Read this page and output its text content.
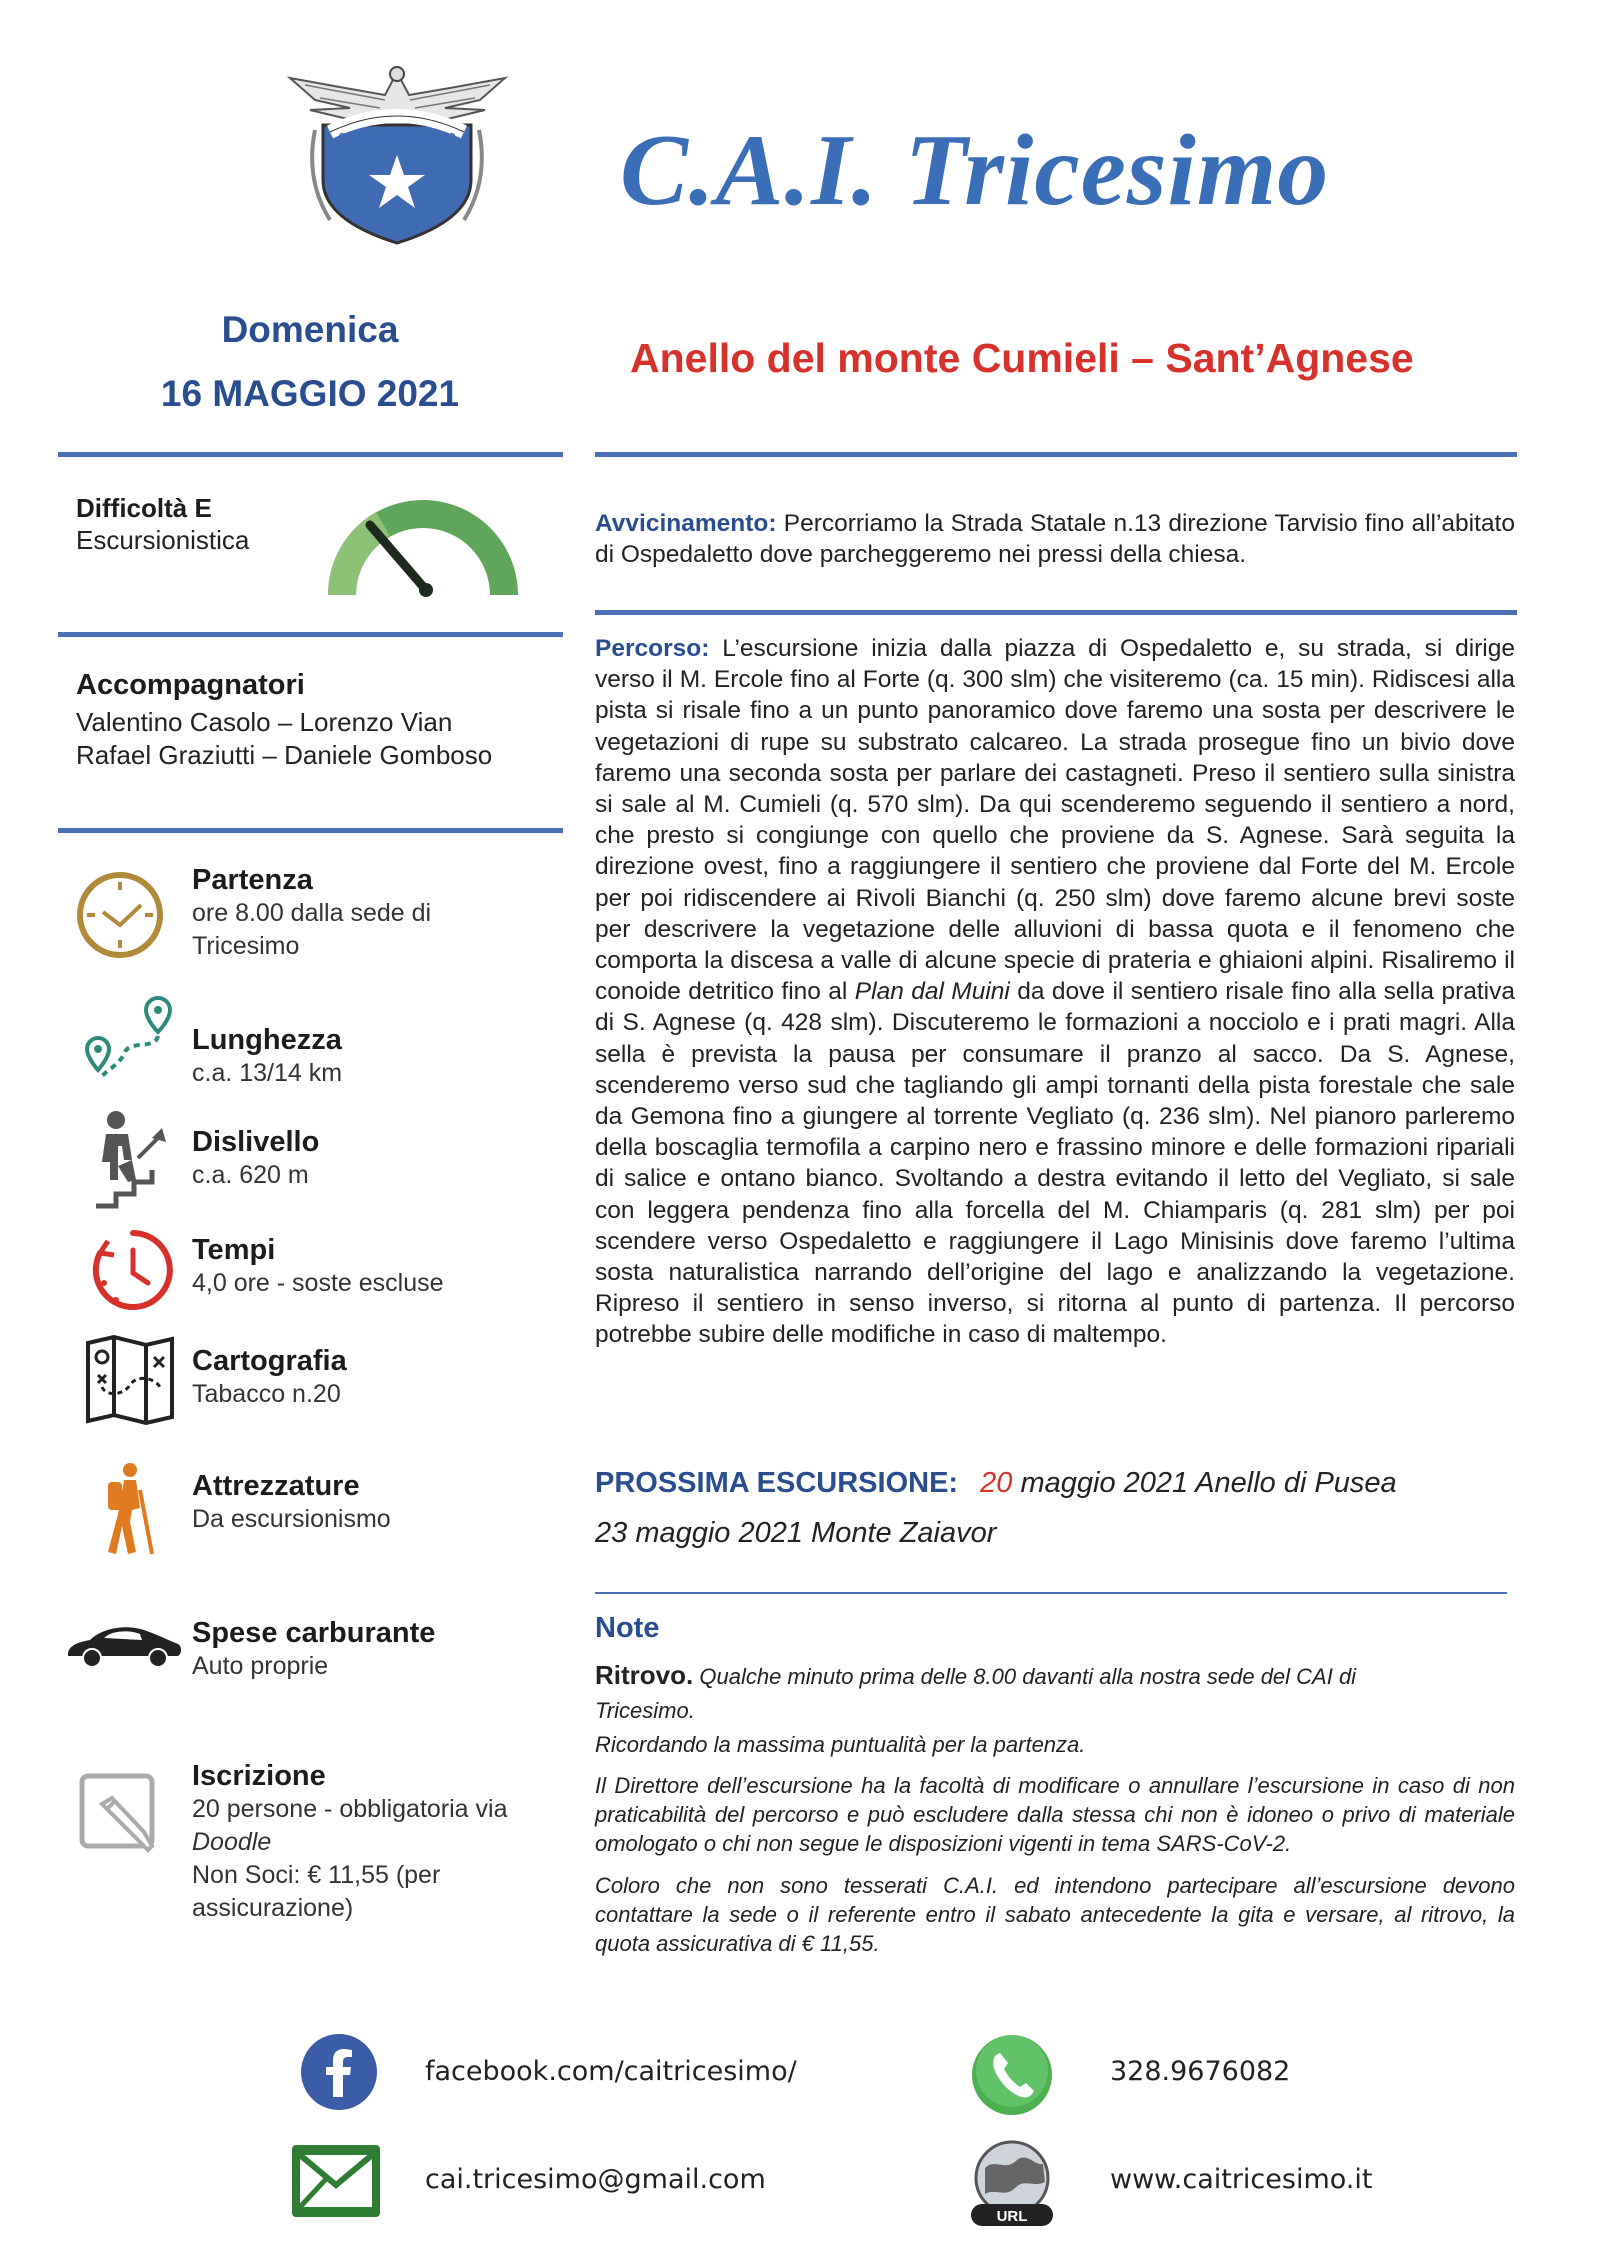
CLUB ALPINO ITALIANO C.A.I. Tricesimo
Domenica
16 MAGGIO 2021
Anello del monte Cumieli – Sant’Agnese
Difficoltà E
Escursionistica
Accompagnatori
Valentino Casolo – Lorenzo Vian
Rafael Graziutti – Daniele Gomboso
Partenza
ore 8.00 dalla sede di
Tricesimo
Lunghezza
c.a. 13/14 km
Dislivello
c.a. 620 m
Tempi
4,0 ore - soste escluse
Cartografia
Tabacco n.20
Attrezzature
Da escursionismo
Spese carburante
Auto proprie
Iscrizione
20 persone - obbligatoria via
Doodle
Non Soci: € 11,55 (per
assicurazione)
Avvicinamento: Percorriamo la Strada Statale n.13 direzione Tarvisio fino all’abitato di Ospedaletto dove parcheggeremo nei pressi della chiesa.
Percorso: L’escursione inizia dalla piazza di Ospedaletto e, su strada, si dirige verso il M. Ercole fino al Forte (q. 300 slm) che visiteremo (ca. 15 min). Ridiscesi alla pista si risale fino a un punto panoramico dove faremo una sosta per descrivere le vegetazioni di rupe su substrato calcareo. La strada prosegue fino un bivio dove faremo una seconda sosta per parlare dei castagneti. Preso il sentiero sulla sinistra si sale al M. Cumieli (q. 570 slm). Da qui scenderemo seguendo il sentiero a nord, che presto si congiunge con quello che proviene da S. Agnese. Sarà seguita la direzione ovest, fino a raggiungere il sentiero che proviene dal Forte del M. Ercole per poi ridiscendere ai Rivoli Bianchi (q. 250 slm) dove faremo alcune brevi soste per descrivere la vegetazione delle alluvioni di bassa quota e il fenomeno che comporta la discesa a valle di alcune specie di prateria e ghiaioni alpini. Risaliremo il conoide detritico fino al Plan dal Muini da dove il sentiero risale fino alla sella prativa di S. Agnese (q. 428 slm). Discuteremo le formazioni a nocciolo e i prati magri. Alla sella è prevista la pausa per consumare il pranzo al sacco. Da S. Agnese, scenderemo verso sud che tagliando gli ampi tornanti della pista forestale che sale da Gemona fino a giungere al torrente Vegliato (q. 236 slm). Nel pianoro parleremo della boscaglia termofila a carpino nero e frassino minore e delle formazioni ripariali di salice e ontano bianco. Svoltando a destra evitando il letto del Vegliato, si sale con leggera pendenza fino alla forcella del M. Chiamparis (q. 281 slm) per poi scendere verso Ospedaletto e raggiungere il Lago Minisinis dove faremo l’ultima sosta naturalistica narrando dell’origine del lago e analizzando la vegetazione. Ripreso il sentiero in senso inverso, si ritorna al punto di partenza. Il percorso potrebbe subire delle modifiche in caso di maltempo.
PROSSIMA ESCURSIONE: 20 maggio 2021 Anello di Pusea
23 maggio 2021 Monte Zaiavor
Note
Ritrovo. Qualche minuto prima delle 8.00 davanti alla nostra sede del CAI di
Tricesimo.
Ricordando la massima puntualità per la partenza.
Il Direttore dell’escursione ha la facoltà di modificare o annullare l’escursione in caso di non praticabilità del percorso e può escludere dalla stessa chi non è idoneo o privo di materiale omologato o chi non segue le disposizioni vigenti in tema SARS-CoV-2.
Coloro che non sono tesserati C.A.I. ed intendono partecipare all’escursione devono contattare la sede o il referente entro il sabato antecedente la gita e versare, al ritrovo, la quota assicurativa di € 11,55.
facebook.com/caitricesimo/	328.9676082
cai.tricesimo@gmail.com
URL
www.caitricesimo.it
